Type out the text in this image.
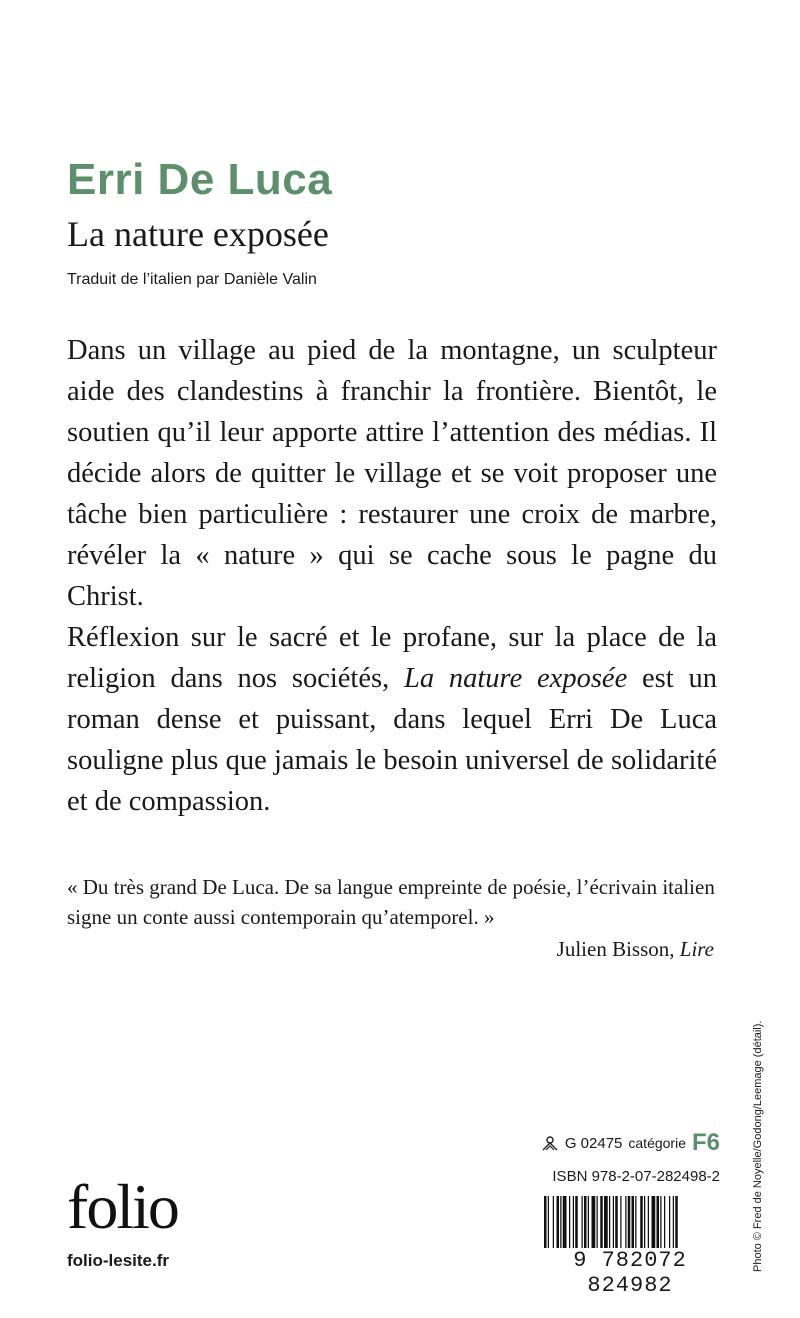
Erri De Luca
La nature exposée

Traduit de l’italien par Danièle Valin

Dans un village au pied de la montagne, un sculpteur aide des clandestins à franchir la frontière. Bientôt, le soutien qu’il leur apporte attire l’attention des médias. Il décide alors de quitter le village et se voit proposer une tâche bien particulière : restaurer une croix de marbre, révéler la « nature » qui se cache sous le pagne du Christ.

Réflexion sur le sacré et le profane, sur la place de la religion dans nos sociétés, La nature exposée est un roman dense et puissant, dans lequel Erri De Luca souligne plus que jamais le besoin universel de solidarité et de compassion.

« Du très grand De Luca. De sa langue empreinte de poésie, l’écrivain italien signe un conte aussi contemporain qu’atemporel. »

Julien Bisson, Lire
Photo © Fred de Noyelle/Godong/Leemage (détail).
folio
folio-lesite.fr
G 02475 catégorie F6
ISBN 978-2-07-282498-2
9 782072 824982
